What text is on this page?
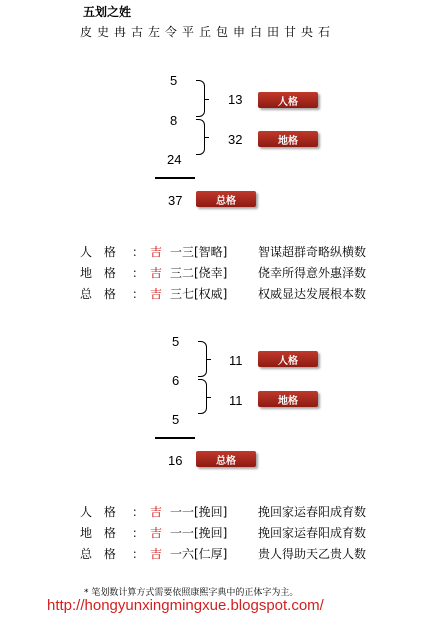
五划之姓
皮史冉古左令平丘包申白田甘央石
5
13	人格
8
32	地格
24
37	总格
人 格 ： 吉 一三[智略]	智谋超群奇略纵横数
地 格 ： 吉 三二[侥幸]	侥幸所得意外惠泽数
总 格 ： 吉 三七[权威]	权威显达发展根本数
5
11	人格
6
11	地格
5
16	总格
人 格 ： 吉 一一[挽回]	挽回家运春阳成育数
地 格 ： 吉 一一[挽回]	挽回家运春阳成育数
总 格 ： 吉 一六[仁厚]	贵人得助天乙贵人数
* 笔划数计算方式需要依照康熙字典中的正体字为主。
http://hongyunxingmingxue.blogspot.com/
